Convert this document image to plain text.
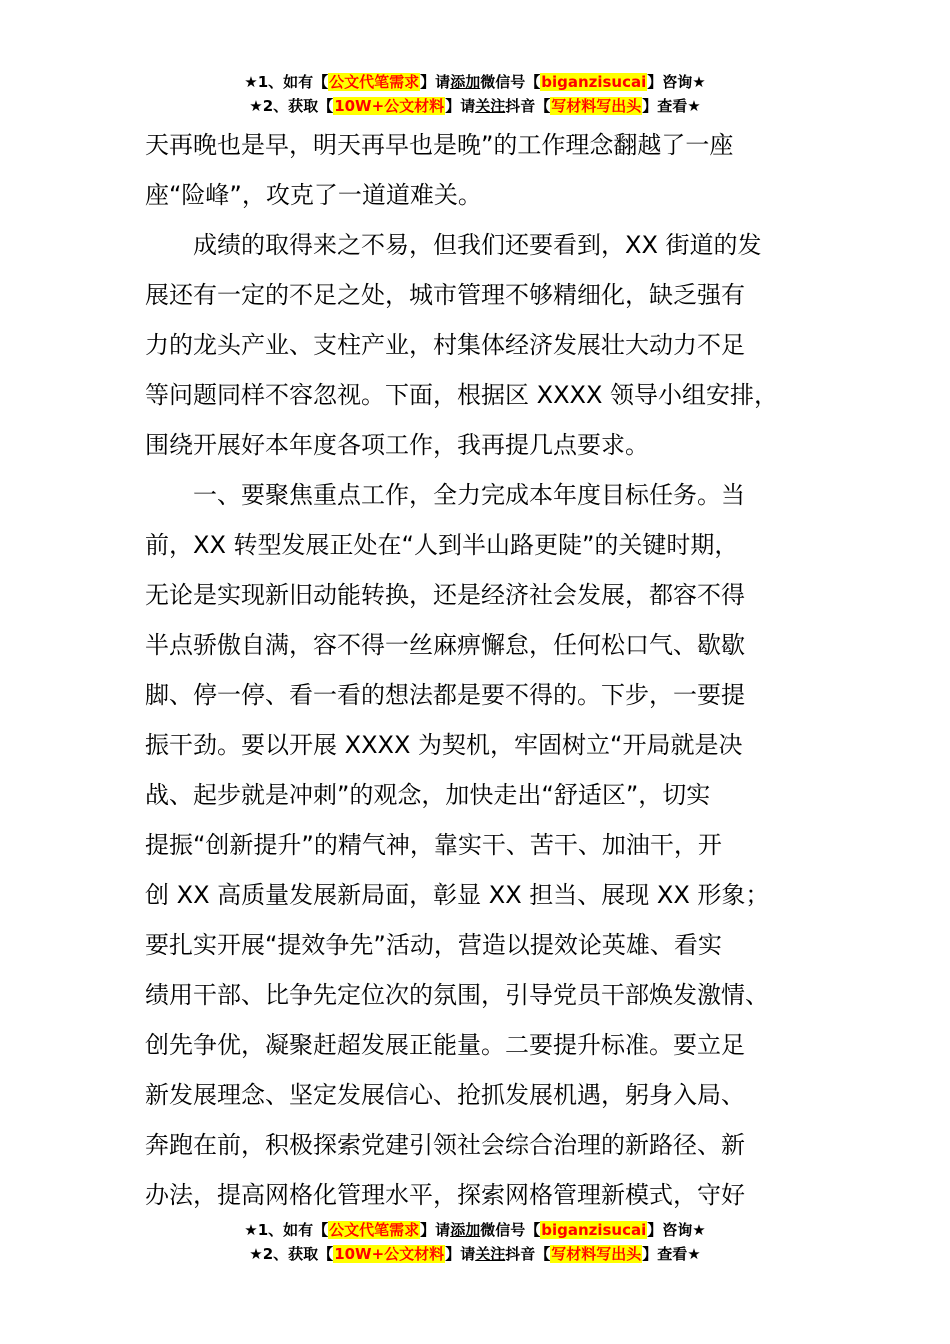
★1、如有【公文代笔需求】请添加微信号【biganzisucai】咨询★
★2、获取【10W+公文材料】请关注抖音【写材料写出头】查看★
天再晚也是早，明天再早也是晚”的工作理念翻越了一座
座“险峰”，攻克了一道道难关。
成绩的取得来之不易，但我们还要看到，XX 街道的发
展还有一定的不足之处，城市管理不够精细化，缺乏强有
力的龙头产业、支柱产业，村集体经济发展壮大动力不足
等问题同样不容忽视。下面，根据区 XXXX 领导小组安排，
围绕开展好本年度各项工作，我再提几点要求。
一、要聚焦重点工作，全力完成本年度目标任务。当
前，XX 转型发展正处在“人到半山路更陡”的关键时期，
无论是实现新旧动能转换，还是经济社会发展，都容不得
半点骄傲自满，容不得一丝麻痹懈怠，任何松口气、歇歇
脚、停一停、看一看的想法都是要不得的。下步，一要提
振干劲。要以开展 XXXX 为契机，牢固树立“开局就是决
战、起步就是冲刺”的观念，加快走出“舒适区”，切实
提振“创新提升”的精气神，靠实干、苦干、加油干，开
创 XX 高质量发展新局面，彰显 XX 担当、展现 XX 形象；
要扎实开展“提效争先”活动，营造以提效论英雄、看实
绩用干部、比争先定位次的氛围，引导党员干部焕发激情、
创先争优，凝聚赶超发展正能量。二要提升标准。要立足
新发展理念、坚定发展信心、抢抓发展机遇，躬身入局、
奔跑在前，积极探索党建引领社会综合治理的新路径、新
办法，提高网格化管理水平，探索网格管理新模式，守好
★1、如有【公文代笔需求】请添加微信号【biganzisucai】咨询★
★2、获取【10W+公文材料】请关注抖音【写材料写出头】查看★
